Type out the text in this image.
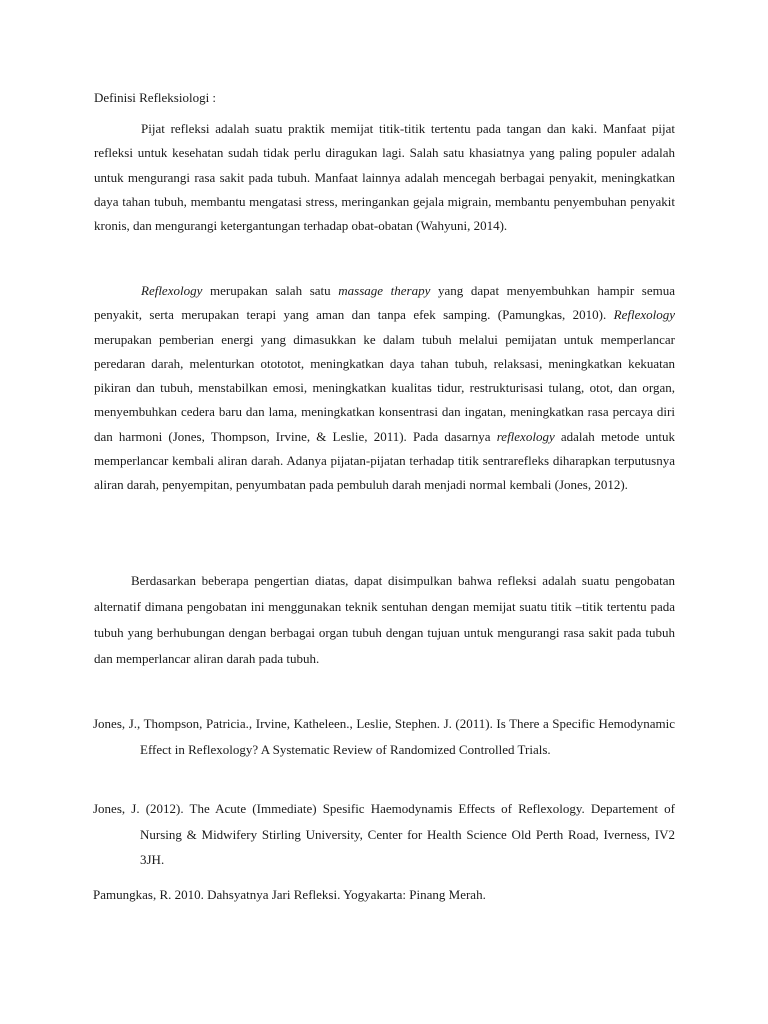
Definisi Refleksiologi :

Pijat refleksi adalah suatu praktik memijat titik-titik tertentu pada tangan dan kaki. Manfaat pijat refleksi untuk kesehatan sudah tidak perlu diragukan lagi. Salah satu khasiatnya yang paling populer adalah untuk mengurangi rasa sakit pada tubuh. Manfaat lainnya adalah mencegah berbagai penyakit, meningkatkan daya tahan tubuh, membantu mengatasi stress, meringankan gejala migrain, membantu penyembuhan penyakit kronis, dan mengurangi ketergantungan terhadap obat-obatan (Wahyuni, 2014).

Reflexology merupakan salah satu massage therapy yang dapat menyembuhkan hampir semua penyakit, serta merupakan terapi yang aman dan tanpa efek samping. (Pamungkas, 2010). Reflexology merupakan pemberian energi yang dimasukkan ke dalam tubuh melalui pemijatan untuk memperlancar peredaran darah, melenturkan otototot, meningkatkan daya tahan tubuh, relaksasi, meningkatkan kekuatan pikiran dan tubuh, menstabilkan emosi, meningkatkan kualitas tidur, restrukturisasi tulang, otot, dan organ, menyembuhkan cedera baru dan lama, meningkatkan konsentrasi dan ingatan, meningkatkan rasa percaya diri dan harmoni (Jones, Thompson, Irvine, & Leslie, 2011). Pada dasarnya reflexology adalah metode untuk memperlancar kembali aliran darah. Adanya pijatan-pijatan terhadap titik sentrarefleks diharapkan terputusnya aliran darah, penyempitan, penyumbatan pada pembuluh darah menjadi normal kembali (Jones, 2012).

Berdasarkan beberapa pengertian diatas, dapat disimpulkan bahwa refleksi adalah suatu pengobatan alternatif dimana pengobatan ini menggunakan teknik sentuhan dengan memijat suatu titik –titik tertentu pada tubuh yang berhubungan dengan berbagai organ tubuh dengan tujuan untuk mengurangi rasa sakit pada tubuh dan memperlancar aliran darah pada tubuh.

Jones, J., Thompson, Patricia., Irvine, Katheleen., Leslie, Stephen. J. (2011). Is There a Specific Hemodynamic Effect in Reflexology? A Systematic Review of Randomized Controlled Trials.

Jones, J. (2012). The Acute (Immediate) Spesific Haemodynamis Effects of Reflexology. Departement of Nursing & Midwifery Stirling University, Center for Health Science Old Perth Road, Iverness, IV2 3JH.

Pamungkas, R. 2010. Dahsyatnya Jari Refleksi. Yogyakarta: Pinang Merah.
